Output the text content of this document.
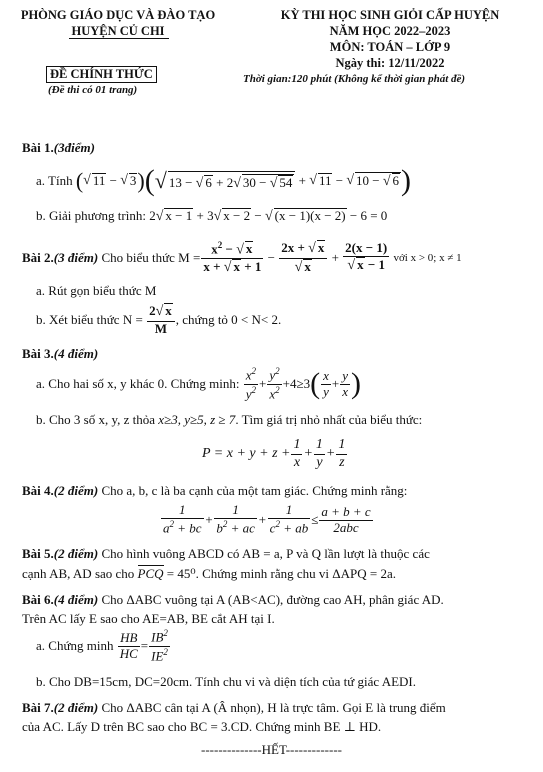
PHÒNG GIÁO DỤC VÀ ĐÀO TẠO
HUYỆN CỦ CHI
ĐỀ CHÍNH THỨC
(Đề thi có 01 trang)
KỲ THI HỌC SINH GIỎI CẤP HUYỆN
NĂM HỌC 2022–2023
MÔN: TOÁN – LỚP 9
Ngày thi: 12/11/2022
Thời gian:120 phút (Không kể thời gian phát đề)
Bài 1.(3điểm)
a. Tính
( √ 11 − √ 3 ) ( √ 13 − √ 6 + 2√ 30 − √ 54 + √ 11 − √ 10 − √ 6 )
b. Giải phương trình: 2√ x − 1 + 3√ x − 2 − √ (x − 1)(x − 2) − 6 = 0
Bài 2. (3 điểm)
Cho biểu thức $M = \frac{x^2 - √ x}{x + √ x + 1} - \frac{2x + √ x}{√ x} + \frac{2(x - 1)}{√ x - 1}$
với x > 0; x ≠ 1
a. Rút gọn biểu thức M
b. Xét biểu thức N =
$\frac{2√ x}{M}$ , chứng tỏ 0 < N< 2.
Bài 3.(4 điểm)
a. Cho hai số x, y khác 0. Chứng minh:
$\frac{x^2}{y^2} + \frac{y^2}{x^2} +4\ge 3$ ( $\frac{x}{y} + \frac{y}{x}$ )
b. Cho 3 số x, y, z thỏa x≥3, y≥5, z ≥ 7. Tìm giá trị nhỏ nhất của biểu thức:
$P = x + y + z + \frac{1}{x} + \frac{1}{y} + \frac{1}{z}$
Bài 4.(2 điểm) Cho a, b, c là ba cạnh của một tam giác. Chứng minh rằng:
$\frac{1}{a^2 + bc} + \frac{1}{b^2 + ac} + \frac{1}{c^2 + ab} \le \frac{a + b + c}{\text{2abc}}$
Bài 5.(2 điểm) Cho hình vuông ABCD có AB = a, P và Q lần lượt là thuộc các
cạnh AB, AD sao cho PCQ = 45⁰. Chứng minh rằng chu vi ΔAPQ = 2a.
Bài 6.(4 điểm) Cho ΔABC vuông tại A (AB<AC), đường cao AH, phân giác AD.
Trên AC lấy E sao cho AE=AB, BE cắt AH tại I.
a. Chứng minh
$\frac{HB}{HC} = \frac{IB^2}{IE^2}$
b. Cho DB=15cm, DC=20cm. Tính chu vi và diện tích của tứ giác AEDI.
Bài 7.(2 điểm) Cho ΔABC cân tại A (Â nhọn), H là trực tâm. Gọi E là trung điểm
của AC. Lấy D trên BC sao cho BC = 3.CD. Chứng minh BE ⊥ HD.
--------------HẾT-------------
